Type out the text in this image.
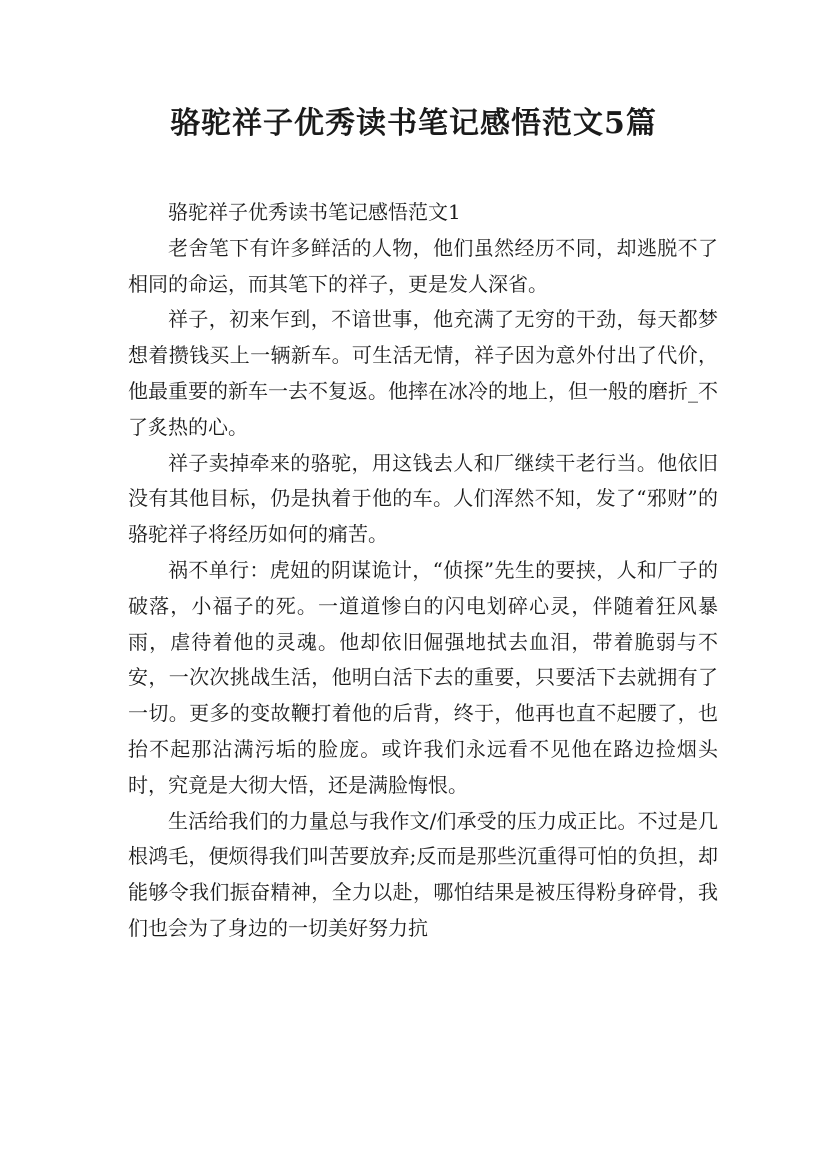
骆驼祥子优秀读书笔记感悟范文5篇

骆驼祥子优秀读书笔记感悟范文1

老舍笔下有许多鲜活的人物，他们虽然经历不同，却逃脱不了相同的命运，而其笔下的祥子，更是发人深省。

祥子，初来乍到，不谙世事，他充满了无穷的干劲，每天都梦想着攒钱买上一辆新车。可生活无情，祥子因为意外付出了代价，他最重要的新车一去不复返。他摔在冰冷的地上，但一般的磨折_不了炙热的心。

祥子卖掉牵来的骆驼，用这钱去人和厂继续干老行当。他依旧没有其他目标，仍是执着于他的车。人们浑然不知，发了“邪财”的骆驼祥子将经历如何的痛苦。

祸不单行：虎妞的阴谋诡计，“侦探”先生的要挟，人和厂子的破落，小福子的死。一道道惨白的闪电划碎心灵，伴随着狂风暴雨，虐待着他的灵魂。他却依旧倔强地拭去血泪，带着脆弱与不安，一次次挑战生活，他明白活下去的重要，只要活下去就拥有了一切。更多的变故鞭打着他的后背，终于，他再也直不起腰了，也抬不起那沾满污垢的脸庞。或许我们永远看不见他在路边捡烟头时，究竟是大彻大悟，还是满脸悔恨。

生活给我们的力量总与我作文/们承受的压力成正比。不过是几根鸿毛，便烦得我们叫苦要放弃;反而是那些沉重得可怕的负担，却能够令我们振奋精神，全力以赴，哪怕结果是被压得粉身碎骨，我们也会为了身边的一切美好努力抗
